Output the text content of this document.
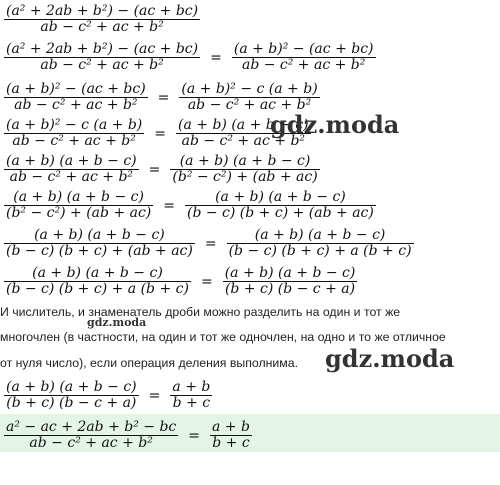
$\frac{\text{(a² + 2ab + b²) − (ac + bc)}}{\text{ab − c² + ac + b²}}$
$\frac{\text{(a² + 2ab + b²) − (ac + bc)}}{\text{ab − c² + ac + b²}} = \frac{\text{(a + b)² − (ac + bc)}}{\text{ab − c² + ac + b²}}$
$\frac{\text{(a + b)² − (ac + bc)}}{\text{ab − c² + ac + b²}} = \frac{\text{(a + b)² − c (a + b)}}{\text{ab − c² + ac + b²}}$
$\frac{\text{(a + b)² − c (a + b)}}{\text{ab − c² + ac + b²}} = \frac{(a + b) (a + b - c)}{\text{ab − c² + ac + b²}}$
$\frac{(a + b) (a + b - c)}{\text{ab − c² + ac + b²}} = \frac{(a + b) (a + b - c)}{\text{(b² − c²) + (ab + ac)}}$
$\frac{(a + b) (a + b - c)}{\text{(b² − c²) + (ab + ac)}} = \frac{(a + b) (a + b - c)}{(b - c) (b + c) + (ab + ac)}$
$\frac{(a + b) (a + b - c)}{(b - c) (b + c) + (ab + ac)} = \frac{(a + b) (a + b - c)}{(b - c) (b + c) + a (b + c)}$
$\frac{(a + b) (a + b - c)}{(b - c) (b + c) + a (b + c)} = \frac{(a + b) (a + b - c)}{(b + c) (b - c + a)}$
И числитель, и знаменатель дроби можно разделить на один и тот же
многочлен (в частности, на один и тот же одночлен, на одно и то же отличное
от нуля число), если операция деления выполнима.
$\frac{(a + b) (a + b - c)}{(b + c) (b - c + a)} = \frac{a + b}{b + c}$
$\frac{\text{a² − ac + 2ab + b² − bc}}{\text{ab − c² + ac + b²}} = \frac{a + b}{b + c}$
gdz.moda
gdz.moda
gdz.moda
